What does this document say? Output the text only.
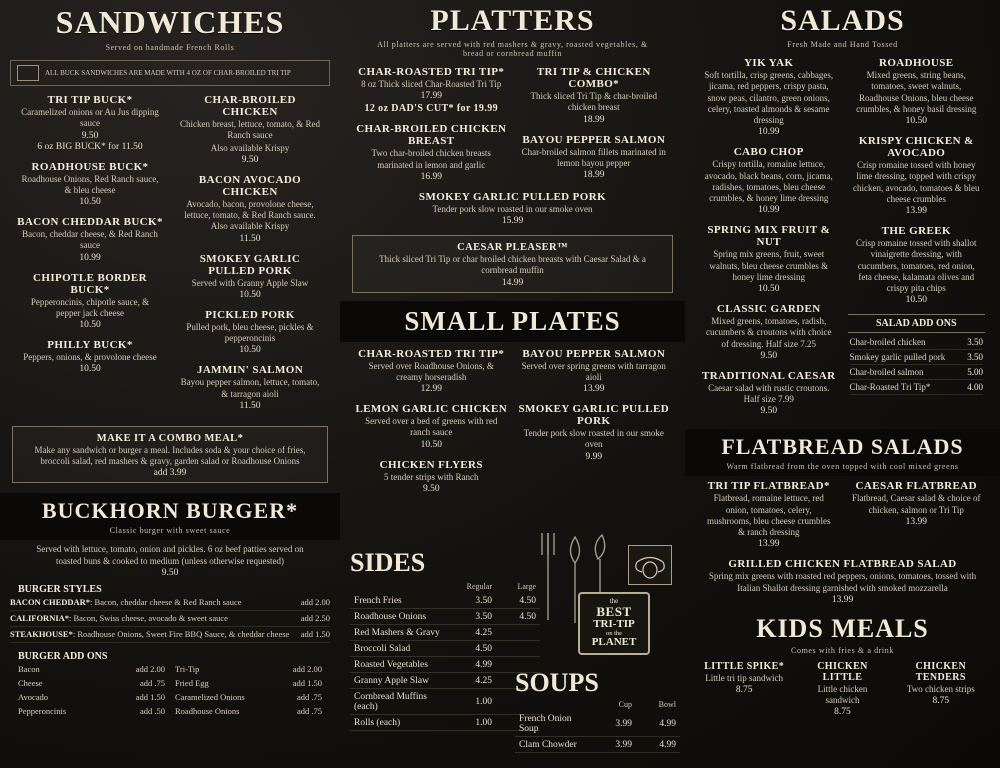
SANDWICHES
Served on handmade French Rolls
ALL BUCK SANDWICHES ARE MADE WITH 4 OZ OF CHAR-BROILED TRI TIP
TRI TIP BUCK*
Caramelized onions or Au Jus dipping sauce
9.50
6 oz BIG BUCK* for 11.50
ROADHOUSE BUCK*
Roadhouse Onions, Red Ranch sauce, & bleu cheese
10.50
BACON CHEDDAR BUCK*
Bacon, cheddar cheese, & Red Ranch sauce
10.99
CHIPOTLE BORDER BUCK*
Pepperoncinis, chipotle sauce, & pepper jack cheese
10.50
PHILLY BUCK*
Peppers, onions, & provolone cheese
10.50
CHAR-BROILED CHICKEN
Chicken breast, lettuce, tomato, & Red Ranch sauce
Also available Krispy
9.50
BACON AVOCADO CHICKEN
Avocado, bacon, provolone cheese, lettuce, tomato, & Red Ranch sauce. Also available Krispy
11.50
SMOKEY GARLIC PULLED PORK
Served with Granny Apple Slaw
10.50
PICKLED PORK
Pulled pork, bleu cheese, pickles & pepperoncinis
10.50
JAMMIN' SALMON
Bayou pepper salmon, lettuce, tomato, & tarragon aioli
11.50
MAKE IT A COMBO MEAL*
Make any sandwich or burger a meal. Includes soda & your choice of fries, broccoli salad, red mashers & gravy, garden salad or Roadhouse Onions
add 3.99
BUCKHORN BURGER*
Classic burger with sweet sauce
Served with lettuce, tomato, onion and pickles. 6 oz beef patties served on toasted buns & cooked to medium (unless otherwise requested)
9.50
BURGER STYLES
BACON CHEDDAR*: Bacon, cheddar cheese & Red Ranch sauce	add 2.00
CALIFORNIA*: Bacon, Swiss cheese, avocado & sweet sauce	add 2.50
STEAKHOUSE*: Roadhouse Onions, Sweet Fire BBQ Sauce, & cheddar cheese add 1.50
BURGER ADD ONS
Bacon	add 2.00
Cheese	add .75
Avocado	add 1.50
Pepperoncinis	add .50
Tri-Tip	add 2.00
Fried Egg	add 1.50
Caramelized Onions	add .75
Roadhouse Onions	add .75
PLATTERS
All platters are served with red mashers & gravy, roasted vegetables, & bread or cornbread muffin
CHAR-ROASTED TRI TIP*
8 oz Thick sliced Char-Roasted Tri Tip
17.99
12 oz DAD'S CUT* for 19.99
CHAR-BROILED CHICKEN BREAST
Two char-broiled chicken breasts marinated in lemon and garlic
16.99
TRI TIP & CHICKEN COMBO*
Thick sliced Tri Tip & char-broiled chicken breast
18.99
BAYOU PEPPER SALMON
Char-broiled salmon fillets marinated in lemon bayou pepper
18.99
SMOKEY GARLIC PULLED PORK
Tender pork slow roasted in our smoke oven
15.99
CAESAR PLEASER™
Thick sliced Tri Tip or char broiled chicken breasts with Caesar Salad & a cornbread muffin
14.99
SMALL PLATES
CHAR-ROASTED TRI TIP*
Served over Roadhouse Onions, & creamy horseradish
12.99
LEMON GARLIC CHICKEN
Served over a bed of greens with red ranch sauce
10.50
CHICKEN FLYERS
5 tender strips with Ranch
9.50
BAYOU PEPPER SALMON
Served over spring greens with tarragon aioli
13.99
SMOKEY GARLIC PULLED PORK
Tender pork slow roasted in our smoke oven
9.99
SIDES
	Regular	Large
French Fries	3.50	4.50
Roadhouse Onions	3.50	4.50
Red Mashers & Gravy	4.25	
Broccoli Salad	4.50	
Roasted Vegetables	4.99	
Granny Apple Slaw	4.25	
Cornbread Muffins (each)	1.00	
Rolls (each)	1.00	
SOUPS
	Cup	Bowl
French Onion Soup	3.99	4.99
Clam Chowder	3.99	4.99
the
BEST
TRI-TIP
on the
PLANET
SALADS
Fresh Made and Hand Tossed
YIK YAK
Soft tortilla, crisp greens, cabbages, jicama, red peppers, crispy pasta, snow peas, cilantro, green onions, celery, toasted almonds & sesame dressing
10.99
CABO CHOP
Crispy tortilla, romaine lettuce, avocado, black beans, corn, jicama, radishes, tomatoes, bleu cheese crumbles, & honey lime dressing
10.99
SPRING MIX FRUIT & NUT
Spring mix greens, fruit, sweet walnuts, bleu cheese crumbles & honey lime dressing
10.50
CLASSIC GARDEN
Mixed greens, tomatoes, radish, cucumbers & croutons with choice of dressing. Half size 7.25
9.50
TRADITIONAL CAESAR
Caesar salad with rustic croutons. Half size 7.99
9.50
ROADHOUSE
Mixed greens, string beans, tomatoes, sweet walnuts, Roadhouse Onions, bleu cheese crumbles, & honey basil dressing
10.50
KRISPY CHICKEN & AVOCADO
Crisp romaine tossed with honey lime dressing, topped with crispy chicken, avocado, tomatoes & bleu cheese crumbles
13.99
THE GREEK
Crisp romaine tossed with shallot vinaigrette dressing, with cucumbers, tomatoes, red onion, feta cheese, kalamata olives and crispy pita chips
10.50
SALAD ADD ONS
Char-broiled chicken	3.50
Smokey garlic pulled pork 3.50
Char-broiled salmon	5.00
Char-Roasted Tri Tip*	4.00
FLATBREAD SALADS
Warm flatbread from the oven topped with cool mixed greens
TRI TIP FLATBREAD*
Flatbread, romaine lettuce, red onion, tomatoes, celery, mushrooms, bleu cheese crumbles & ranch dressing
13.99
CAESAR FLATBREAD
Flatbread, Caesar salad & choice of chicken, salmon or Tri Tip
13.99
GRILLED CHICKEN FLATBREAD SALAD
Spring mix greens with roasted red peppers, onions, tomatoes, tossed with Italian Shallot dressing garnished with smoked mozzarella
13.99
KIDS MEALS
Comes with fries & a drink
LITTLE SPIKE*
Little tri tip sandwich
8.75
CHICKEN LITTLE
Little chicken sandwich
8.75
CHICKEN TENDERS
Two chicken strips
8.75
